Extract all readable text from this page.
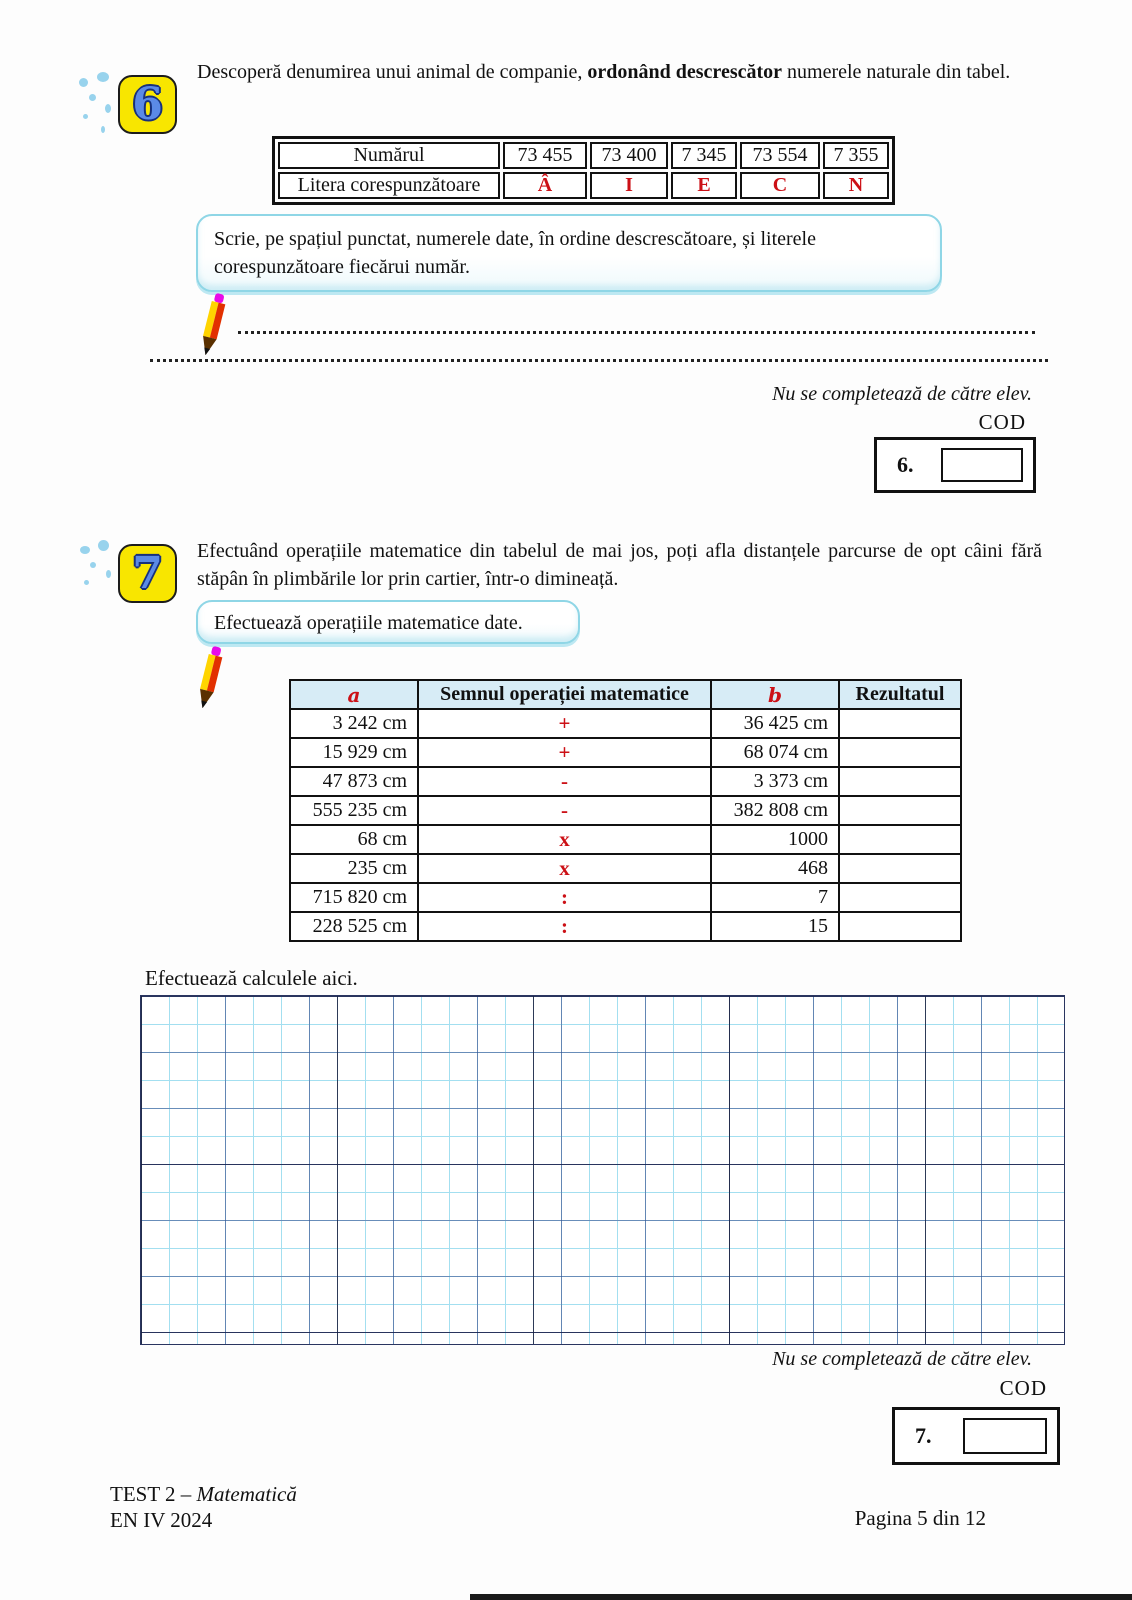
6
Descoperă denumirea unui animal de companie, ordonând descrescător numerele naturale din tabel.
Numărul	73 455	73 400	7 345	73 554	7 355
Litera corespunzătoare	Â	I	E	C	N
Scrie, pe spațiul punctat, numerele date, în ordine descrescătoare, și literele corespunzătoare fiecărui număr.
Nu se completează de către elev.
COD
6.
7 Efectuând operațiile matematice din tabelul de mai jos, poți afla distanțele parcurse de opt câini fără stăpân în plimbările lor prin cartier, într-o dimineață.
Efectuează operațiile matematice date.
a	Semnul operației matematice	b	Rezultatul
3 242 cm	+	36 425 cm	
15 929 cm	+	68 074 cm	
47 873 cm	-	3 373 cm	
555 235 cm	-	382 808 cm	
68 cm	x	1000	
235 cm	x	468	
715 820 cm	:	7	
228 525 cm	:	15	
Efectuează calculele aici.
Nu se completează de către elev.
COD
7.
TEST 2 – Matematică
EN IV 2024	Pagina 5 din 12
